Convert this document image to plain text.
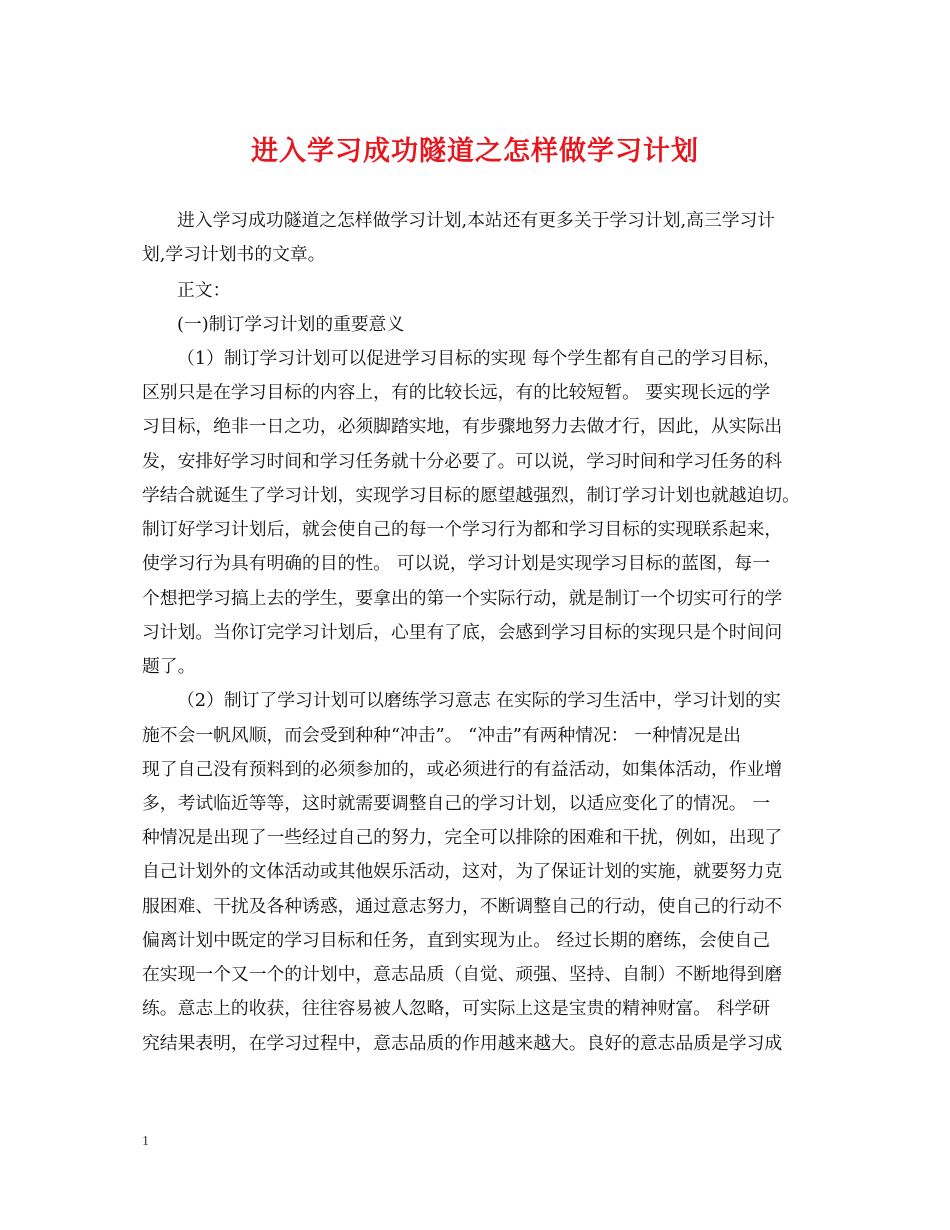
进入学习成功隧道之怎样做学习计划
进入学习成功隧道之怎样做学习计划,本站还有更多关于学习计划,高三学习计
划,学习计划书的文章。
正文：
(一)制订学习计划的重要意义
（1）制订学习计划可以促进学习目标的实现 每个学生都有自己的学习目标，
区别只是在学习目标的内容上，有的比较长远，有的比较短暂。 要实现长远的学
习目标，绝非一日之功，必须脚踏实地，有步骤地努力去做才行，因此，从实际出
发，安排好学习时间和学习任务就十分必要了。可以说，学习时间和学习任务的科
学结合就诞生了学习计划，实现学习目标的愿望越强烈，制订学习计划也就越迫切。
制订好学习计划后，就会使自己的每一个学习行为都和学习目标的实现联系起来，
使学习行为具有明确的目的性。 可以说，学习计划是实现学习目标的蓝图，每一
个想把学习搞上去的学生，要拿出的第一个实际行动，就是制订一个切实可行的学
习计划。当你订完学习计划后，心里有了底，会感到学习目标的实现只是个时间问
题了。
（2）制订了学习计划可以磨练学习意志 在实际的学习生活中，学习计划的实
施不会一帆风顺，而会受到种种“冲击”。 “冲击”有两种情况： 一种情况是出
现了自己没有预料到的必须参加的，或必须进行的有益活动，如集体活动，作业增
多，考试临近等等，这时就需要调整自己的学习计划，以适应变化了的情况。 一
种情况是出现了一些经过自己的努力，完全可以排除的困难和干扰，例如，出现了
自己计划外的文体活动或其他娱乐活动，这对，为了保证计划的实施，就要努力克
服困难、干扰及各种诱惑，通过意志努力，不断调整自己的行动，使自己的行动不
偏离计划中既定的学习目标和任务，直到实现为止。 经过长期的磨练，会使自己
在实现一个又一个的计划中，意志品质（自觉、顽强、坚持、自制）不断地得到磨
练。意志上的收获，往往容易被人忽略，可实际上这是宝贵的精神财富。 科学研
究结果表明，在学习过程中，意志品质的作用越来越大。良好的意志品质是学习成
1
